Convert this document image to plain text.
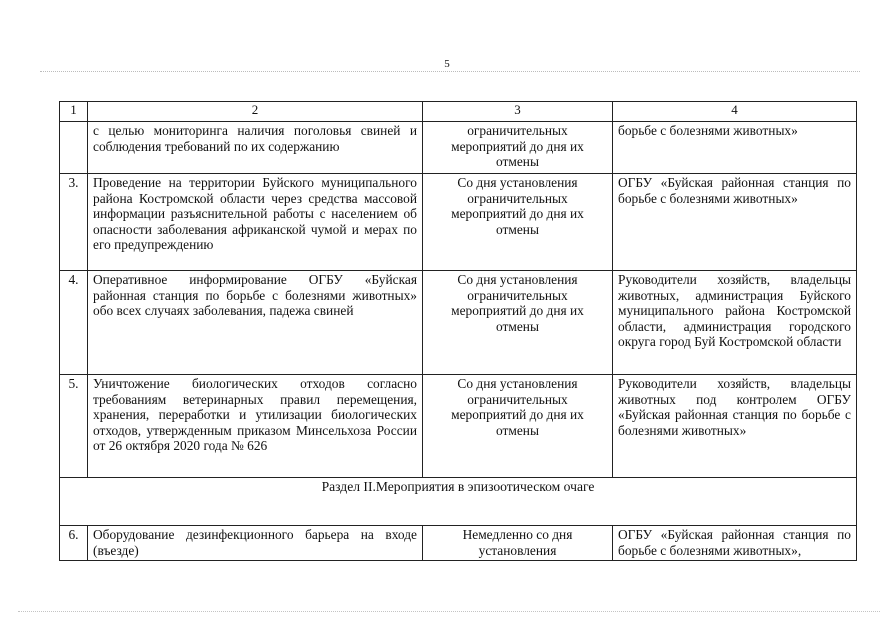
5
1	2	3	4
	с целью мониторинга наличия поголовья свиней и соблюдения требований по их содержанию	ограничительных мероприятий до дня их отмены	борьбе с болезнями животных»
3.	Проведение на территории Буйского муниципального района Костромской области через средства массовой информации разъяснительной работы с населением об опасности заболевания африканской чумой и мерах по его предупреждению	Со дня установления ограничительных мероприятий до дня их отмены	ОГБУ «Буйская районная станция по борьбе с болезнями животных»
4.	Оперативное информирование ОГБУ «Буйская районная станция по борьбе с болезнями животных» обо всех случаях заболевания, падежа свиней	Со дня установления ограничительных мероприятий до дня их отмены	Руководители хозяйств, владельцы животных, администрация Буйского муниципального района Костромской области, администрация городского округа город Буй Костромской области
5.	Уничтожение биологических отходов согласно требованиям ветеринарных правил перемещения, хранения, переработки и утилизации биологических отходов, утвержденным приказом Минсельхоза России от 26 октября 2020 года № 626	Со дня установления ограничительных мероприятий до дня их отмены	Руководители хозяйств, владельцы животных под контролем ОГБУ «Буйская районная станция по борьбе с болезнями животных»
Раздел II.Мероприятия в эпизоотическом очаге			
6.	Оборудование дезинфекционного барьера на входе (въезде)	Немедленно со дня установления	ОГБУ «Буйская районная станция по борьбе с болезнями животных»,
